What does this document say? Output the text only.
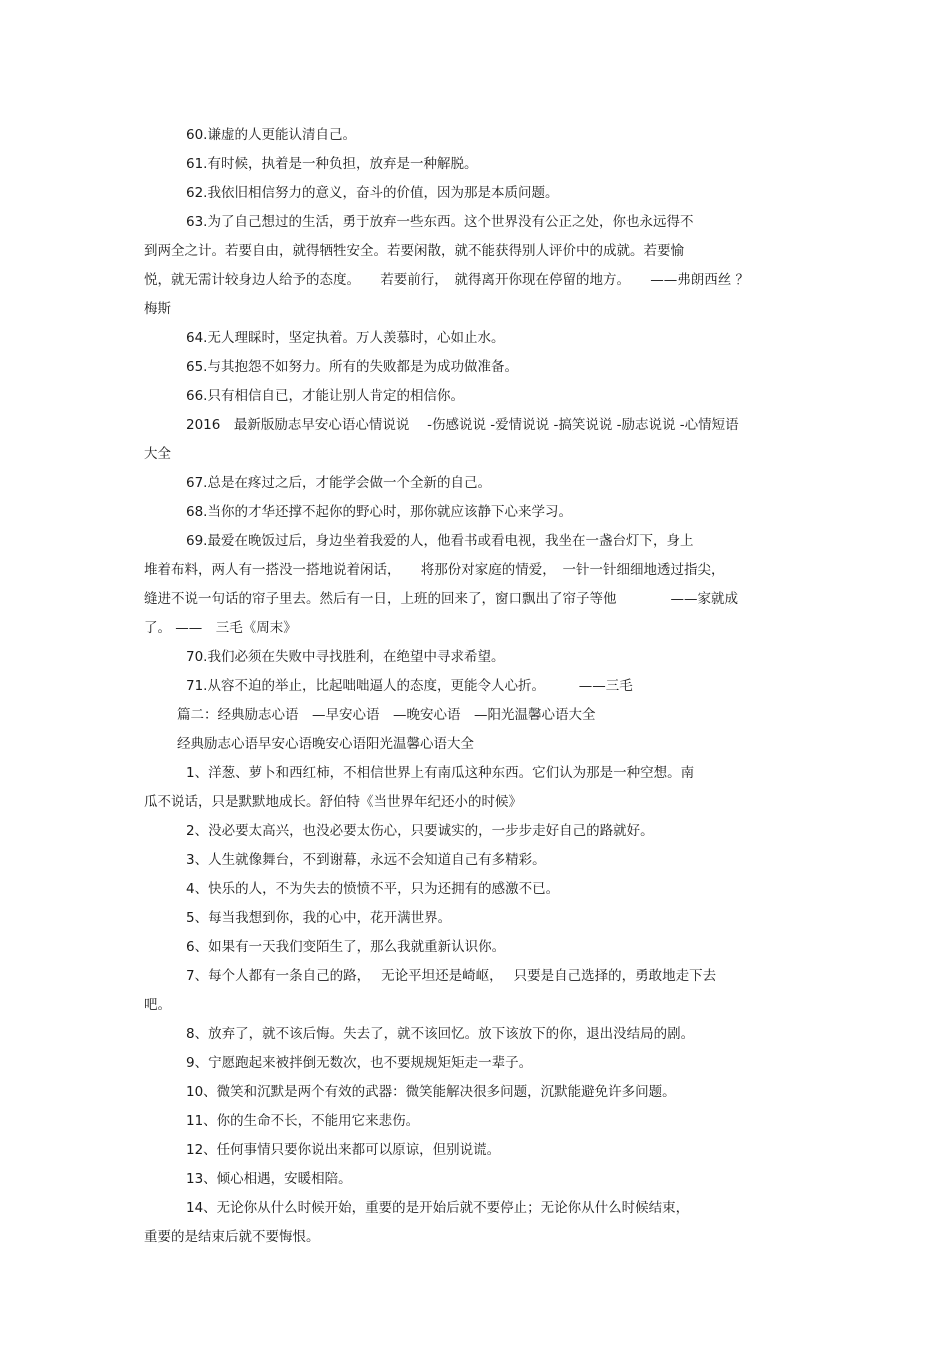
60.谦虚的人更能认清自己。
61.有时候，执着是一种负担，放弃是一种解脱。
62.我依旧相信努力的意义，奋斗的价值，因为那是本质问题。
63.为了自己想过的生活，勇于放弃一些东西。这个世界没有公正之处，你也永远得不
到两全之计。若要自由，就得牺牲安全。若要闲散，就不能获得别人评价中的成就。若要愉
悦，就无需计较身边人给予的态度。　　若要前行，　就得离开你现在停留的地方。　　——弗朗西丝 ？
梅斯
64.无人理睬时，坚定执着。万人羡慕时，心如止水。
65.与其抱怨不如努力。所有的失败都是为成功做准备。
66.只有相信自已，才能让别人肯定的相信你。
2016　最新版励志早安心语心情说说　 -伤感说说 -爱情说说 -搞笑说说 -励志说说 -心情短语
大全
67.总是在疼过之后，才能学会做一个全新的自己。
68.当你的才华还撑不起你的野心时，那你就应该静下心来学习。
69.最爱在晚饭过后，身边坐着我爱的人，他看书或看电视，我坐在一盏台灯下，身上
堆着布料，两人有一搭没一搭地说着闲话，　　将那份对家庭的情爱，　一针一针细细地透过指尖，
缝进不说一句话的帘子里去。然后有一日，上班的回来了，窗口飘出了帘子等他　　　　——家就成
了。 ——　三毛《周末》
70.我们必须在失败中寻找胜利，在绝望中寻求希望。
71.从容不迫的举止，比起咄咄逼人的态度，更能令人心折。　　　——三毛
篇二：经典励志心语　—早安心语　—晚安心语　—阳光温馨心语大全
经典励志心语早安心语晚安心语阳光温馨心语大全
1、洋葱、萝卜和西红柿，不相信世界上有南瓜这种东西。它们认为那是一种空想。南
瓜不说话，只是默默地成长。舒伯特《当世界年纪还小的时候》
2、没必要太高兴，也没必要太伤心，只要诚实的，一步步走好自己的路就好。
3、人生就像舞台，不到谢幕，永远不会知道自己有多精彩。
4、快乐的人，不为失去的愤愤不平，只为还拥有的感激不已。
5、每当我想到你，我的心中，花开满世界。
6、如果有一天我们变陌生了，那么我就重新认识你。
7、每个人都有一条自己的路，　 无论平坦还是崎岖，　 只要是自己选择的，勇敢地走下去
吧。
8、放弃了，就不该后悔。失去了，就不该回忆。放下该放下的你，退出没结局的剧。
9、宁愿跑起来被拌倒无数次，也不要规规矩矩走一辈子。
10、微笑和沉默是两个有效的武器：微笑能解决很多问题，沉默能避免许多问题。
11、你的生命不长，不能用它来悲伤。
12、任何事情只要你说出来都可以原谅，但别说谎。
13、倾心相遇，安暖相陪。
14、无论你从什么时候开始，重要的是开始后就不要停止；无论你从什么时候结束，
重要的是结束后就不要悔恨。
